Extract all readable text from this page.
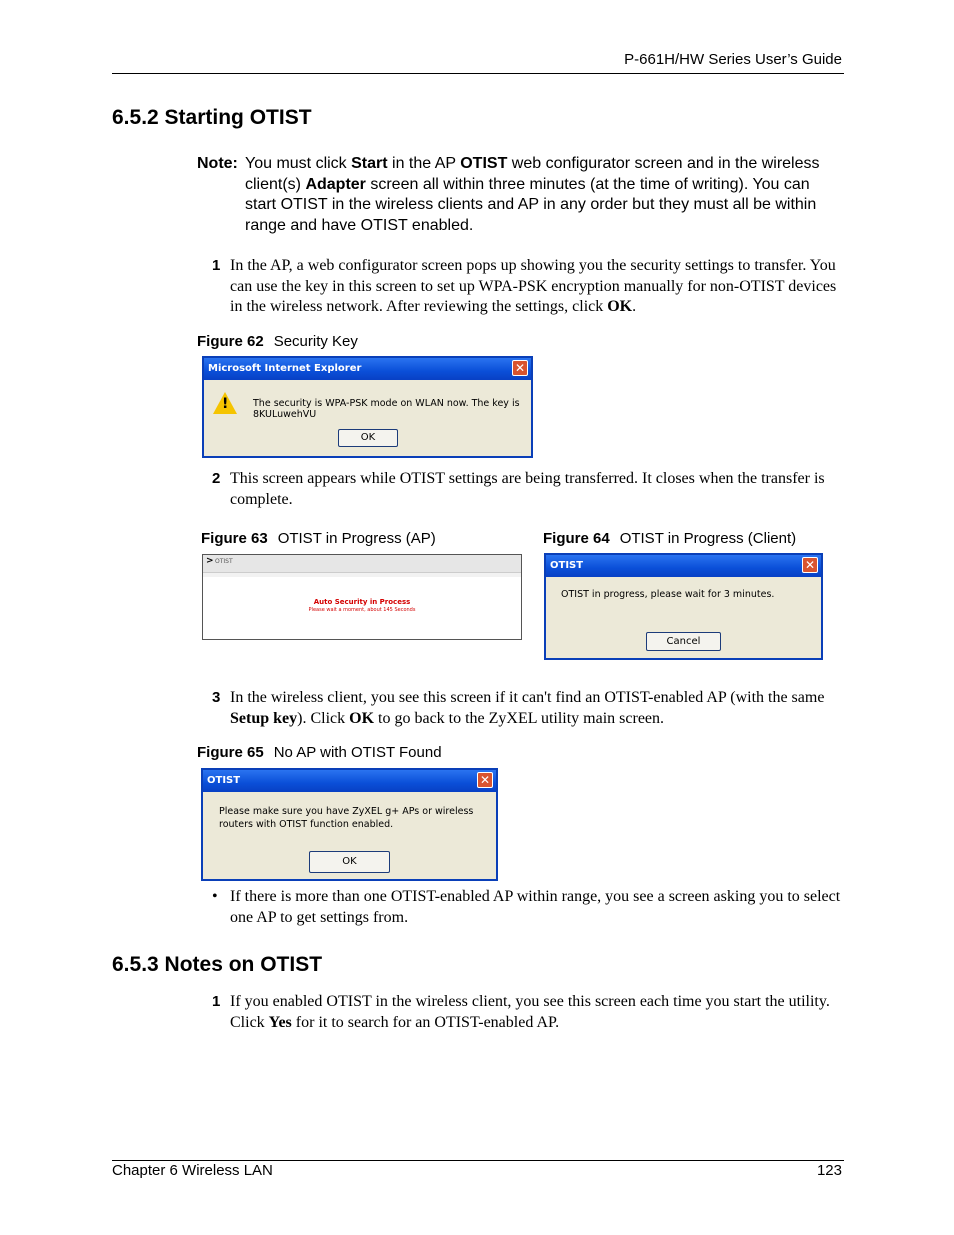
P-661H/HW Series User’s Guide
6.5.2 Starting OTIST
Note: You must click Start in the AP OTIST web configurator screen and in the wireless client(s) Adapter screen all within three minutes (at the time of writing). You can start OTIST in the wireless clients and AP in any order but they must all be within range and have OTIST enabled.
1 In the AP, a web configurator screen pops up showing you the security settings to transfer. You can use the key in this screen to set up WPA-PSK encryption manually for non-OTIST devices in the wireless network. After reviewing the settings, click OK.
Figure 62 Security Key
Microsoft Internet Explorer	✕
!	The security is WPA-PSK mode on WLAN now. The key is 8KULuwehVU
OK
2 This screen appears while OTIST settings are being transferred. It closes when the transfer is complete.
Figure 63 OTIST in Progress (AP)
> OTIST
Auto Security in Process
Please wait a moment, about 145 Seconds
Figure 64 OTIST in Progress (Client)
OTIST	✕
OTIST in progress, please wait for 3 minutes.
Cancel
3 In the wireless client, you see this screen if it can't find an OTIST-enabled AP (with the same Setup key). Click OK to go back to the ZyXEL utility main screen.
Figure 65 No AP with OTIST Found
OTIST	✕
Please make sure you have ZyXEL g+ APs or wireless
routers with OTIST function enabled.
OK
• If there is more than one OTIST-enabled AP within range, you see a screen asking you to select one AP to get settings from.
6.5.3 Notes on OTIST
1 If you enabled OTIST in the wireless client, you see this screen each time you start the utility. Click Yes for it to search for an OTIST-enabled AP.
Chapter 6 Wireless LAN	123
